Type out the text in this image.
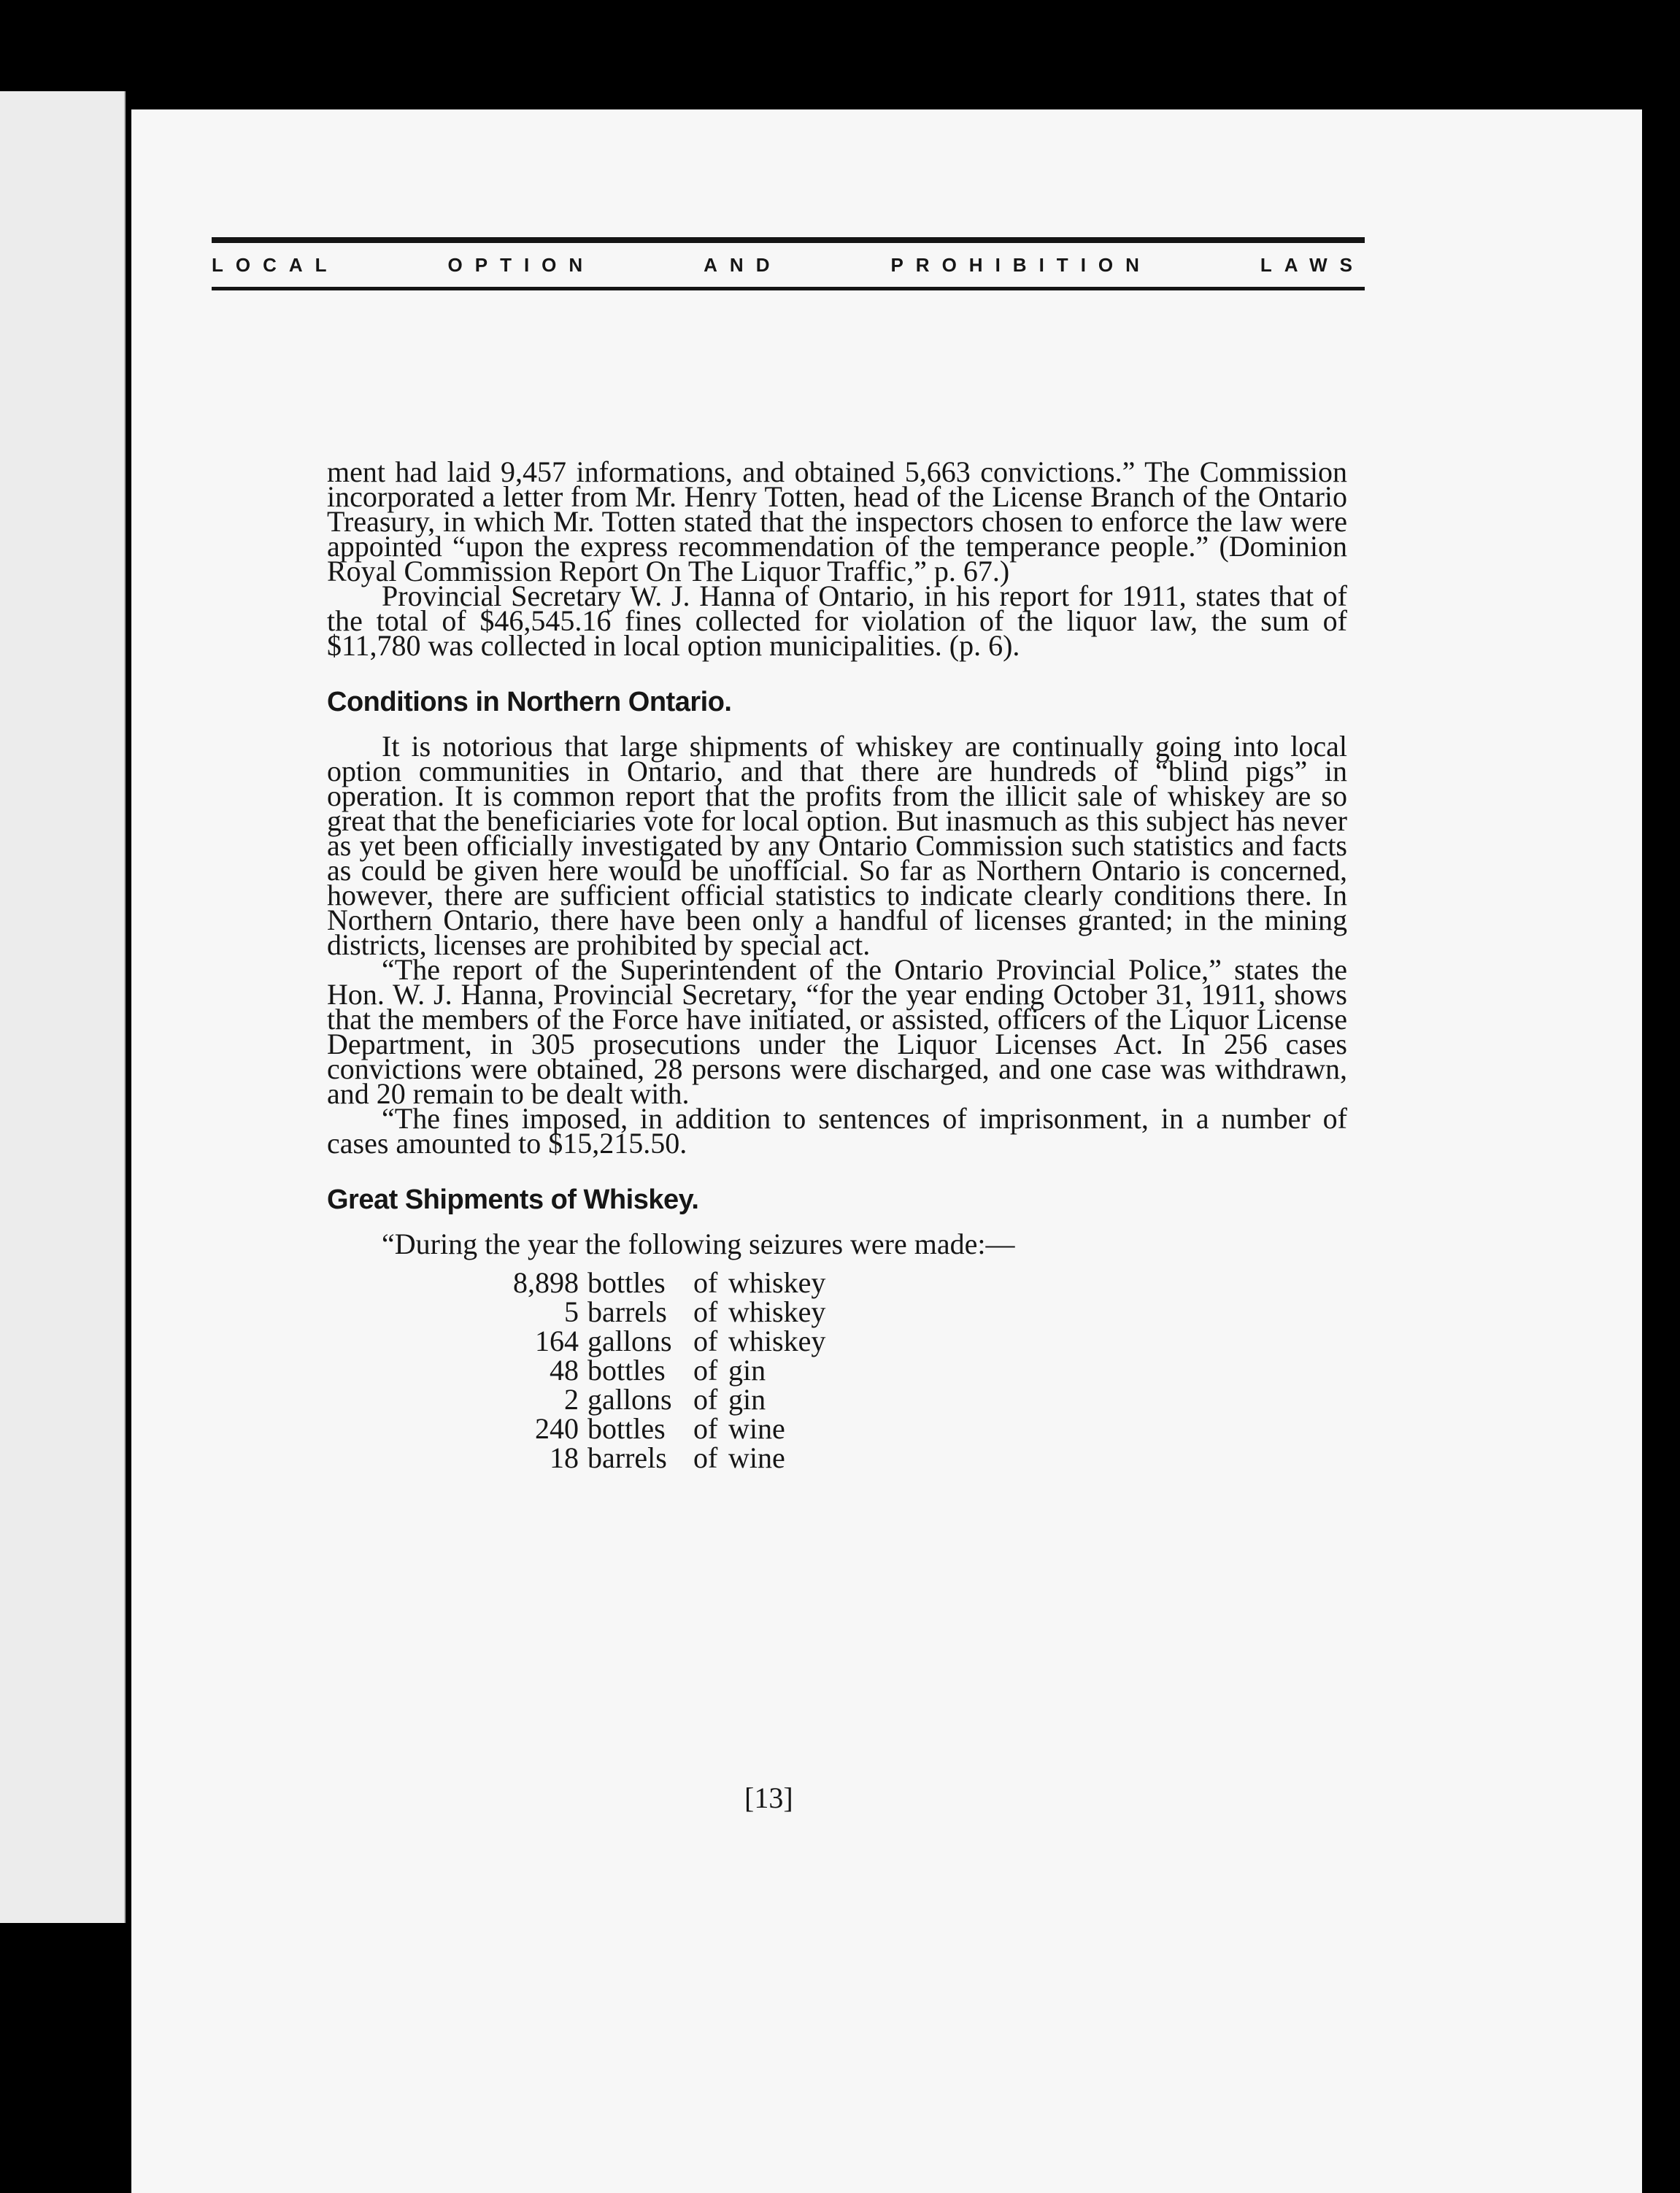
LOCAL	OPTION	AND	PROHIBITION	LAWS

ment had laid 9,457 informations, and obtained 5,663 convictions.” The Commission incorporated a letter from Mr. Henry Totten, head of the License Branch of the Ontario Treasury, in which Mr. Totten stated that the inspectors chosen to enforce the law were appointed “upon the express recommendation of the temperance people.” (Dominion Royal Commission Report On The Liquor Traffic,” p. 67.)

Provincial Secretary W. J. Hanna of Ontario, in his report for 1911, states that of the total of $46,545.16 fines collected for violation of the liquor law, the sum of $11,780 was collected in local option municipalities. (p. 6).

Conditions in Northern Ontario.

It is notorious that large shipments of whiskey are continually going into local option communities in Ontario, and that there are hundreds of “blind pigs” in operation. It is common report that the profits from the illicit sale of whiskey are so great that the beneficiaries vote for local option. But inasmuch as this subject has never as yet been officially investigated by any Ontario Commission such statistics and facts as could be given here would be unofficial. So far as Northern Ontario is concerned, however, there are sufficient official statistics to indicate clearly conditions there. In Northern Ontario, there have been only a handful of licenses granted; in the mining districts, licenses are prohibited by special act.

“The report of the Superintendent of the Ontario Provincial Police,” states the Hon. W. J. Hanna, Provincial Secretary, “for the year ending October 31, 1911, shows that the members of the Force have initiated, or assisted, officers of the Liquor License Department, in 305 prosecutions under the Liquor Licenses Act. In 256 cases convictions were obtained, 28 persons were discharged, and one case was withdrawn, and 20 remain to be dealt with.

“The fines imposed, in addition to sentences of imprisonment, in a number of cases amounted to $15,215.50.

Great Shipments of Whiskey.

“During the year the following seizures were made:—

8,898	bottles	of	whiskey
5	barrels	of	whiskey
164	gallons	of	whiskey
48	bottles	of	gin
2	gallons	of	gin
240	bottles	of	wine
18	barrels	of	wine
[13]
